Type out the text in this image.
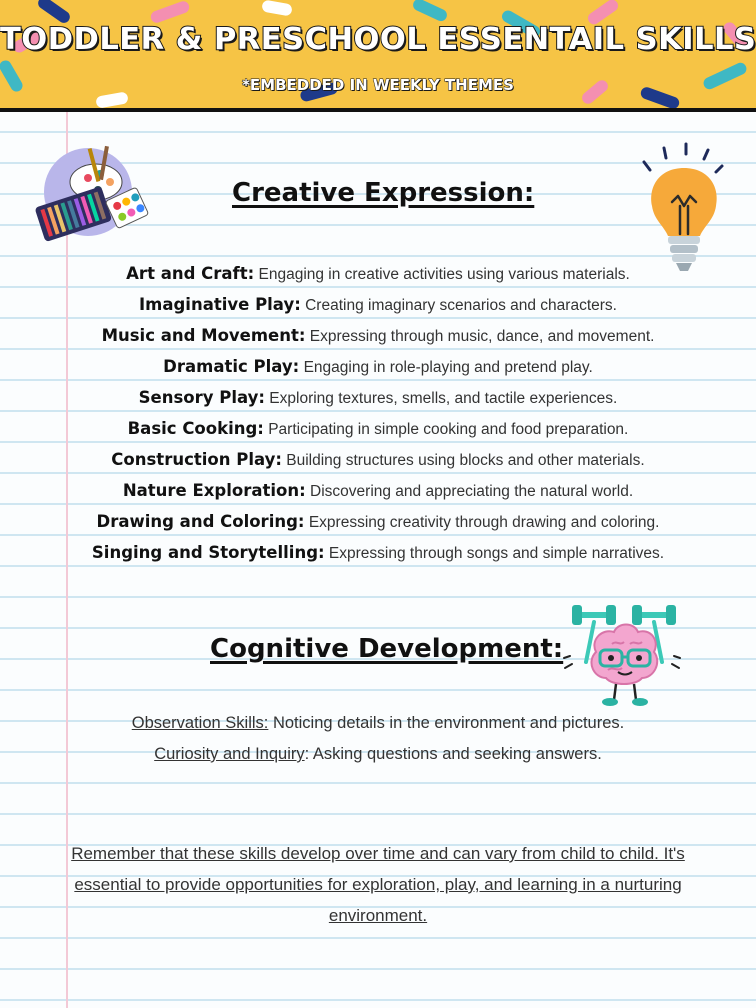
TODDLER & PRESCHOOL ESSENTAIL SKILLS
*EMBEDDED IN WEEKLY THEMES
Creative Expression:
Art and Craft: Engaging in creative activities using various materials.
Imaginative Play: Creating imaginary scenarios and characters.
Music and Movement: Expressing through music, dance, and movement.
Dramatic Play: Engaging in role-playing and pretend play.
Sensory Play: Exploring textures, smells, and tactile experiences.
Basic Cooking: Participating in simple cooking and food preparation.
Construction Play: Building structures using blocks and other materials.
Nature Exploration: Discovering and appreciating the natural world.
Drawing and Coloring: Expressing creativity through drawing and coloring.
Singing and Storytelling: Expressing through songs and simple narratives.
Cognitive Development:
Observation Skills: Noticing details in the environment and pictures.
Curiosity and Inquiry: Asking questions and seeking answers.
Remember that these skills develop over time and can vary from child to child. It's essential to provide opportunities for exploration, play, and learning in a nurturing environment.
